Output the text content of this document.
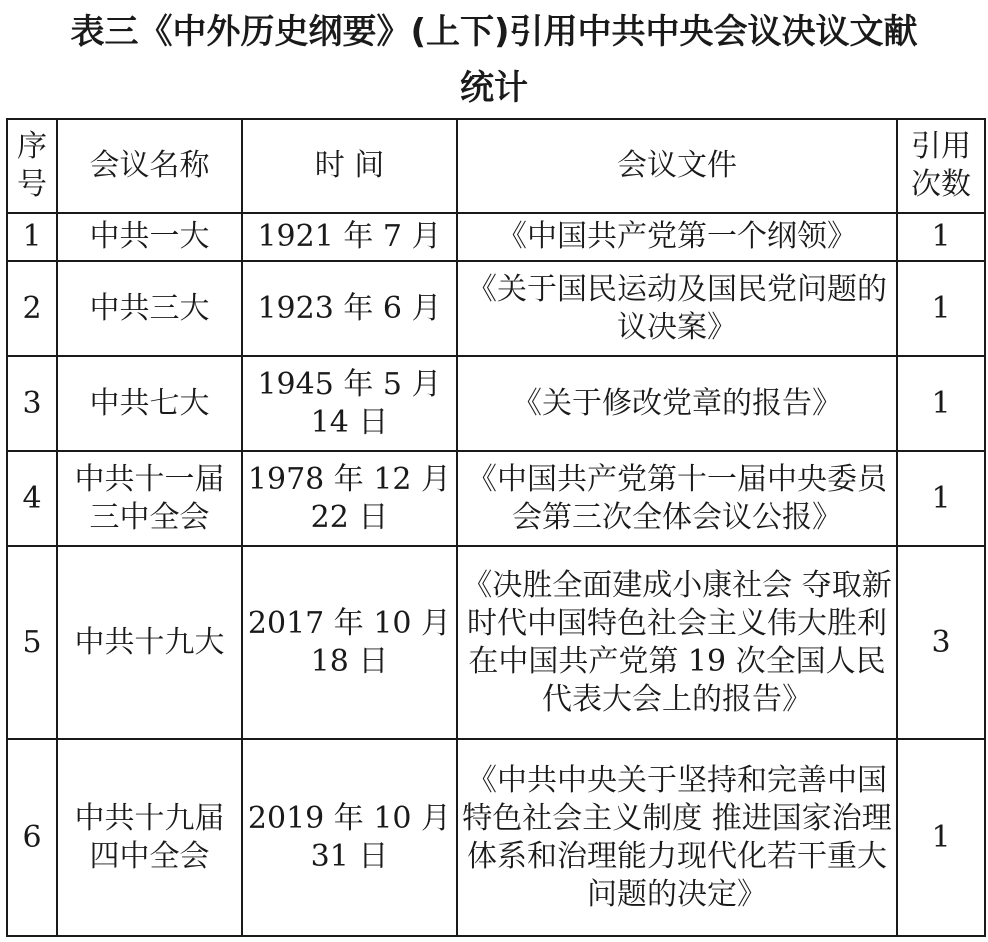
表三《中外历史纲要》(上下)引用中共中央会议决议文献
统计
序号	会议名称	时 间	会议文件	引用次数

1	中共一大	1921 年 7 月	《中国共产党第一个纲领》	1
2	中共三大	1923 年 6 月	《关于国民运动及国民党问题的议决案》	1
3	中共七大	1945 年 5 月 14 日	《关于修改党章的报告》	1
4	中共十一届三中全会	1978 年 12 月 22 日	《中国共产党第十一届中央委员会第三次全体会议公报》	1
5	中共十九大	2017 年 10 月 18 日	《决胜全面建成小康社会 夺取新时代中国特色社会主义伟大胜利 在中国共产党第 19 次全国人民代表大会上的报告》	3
6	中共十九届四中全会	2019 年 10 月 31 日	《中共中央关于坚持和完善中国特色社会主义制度 推进国家治理体系和治理能力现代化若干重大问题的决定》	1
